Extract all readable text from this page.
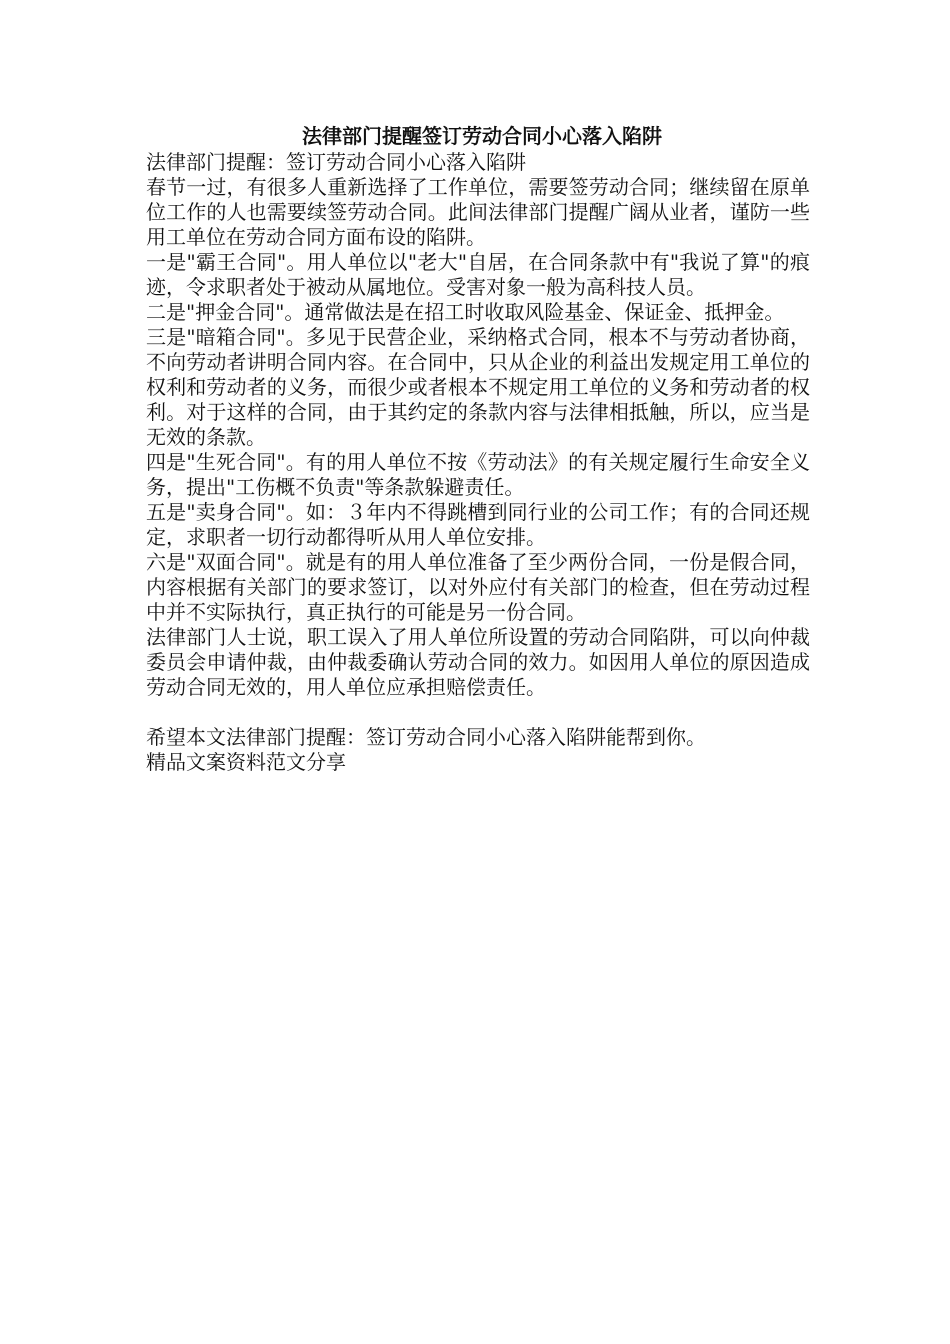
法律部门提醒签订劳动合同小心落入陷阱

法律部门提醒：签订劳动合同小心落入陷阱

春节一过，有很多人重新选择了工作单位，需要签劳动合同；继续留在原单位工作的人也需要续签劳动合同。此间法律部门提醒广阔从业者，谨防一些用工单位在劳动合同方面布设的陷阱。

一是"霸王合同"。用人单位以"老大"自居，在合同条款中有"我说了算"的痕迹，令求职者处于被动从属地位。受害对象一般为高科技人员。

二是"押金合同"。通常做法是在招工时收取风险基金、保证金、抵押金。

三是"暗箱合同"。多见于民营企业，采纳格式合同，根本不与劳动者协商，不向劳动者讲明合同内容。在合同中，只从企业的利益出发规定用工单位的权利和劳动者的义务，而很少或者根本不规定用工单位的义务和劳动者的权利。对于这样的合同，由于其约定的条款内容与法律相抵触，所以，应当是无效的条款。

四是"生死合同"。有的用人单位不按《劳动法》的有关规定履行生命安全义务，提出"工伤概不负责"等条款躲避责任。

五是"卖身合同"。如：３年内不得跳槽到同行业的公司工作；有的合同还规定，求职者一切行动都得听从用人单位安排。

六是"双面合同"。就是有的用人单位准备了至少两份合同，一份是假合同，内容根据有关部门的要求签订，以对外应付有关部门的检查，但在劳动过程中并不实际执行，真正执行的可能是另一份合同。

法律部门人士说，职工误入了用人单位所设置的劳动合同陷阱，可以向仲裁委员会申请仲裁，由仲裁委确认劳动合同的效力。如因用人单位的原因造成劳动合同无效的，用人单位应承担赔偿责任。

希望本文法律部门提醒：签订劳动合同小心落入陷阱能帮到你。

精品文案资料范文分享
